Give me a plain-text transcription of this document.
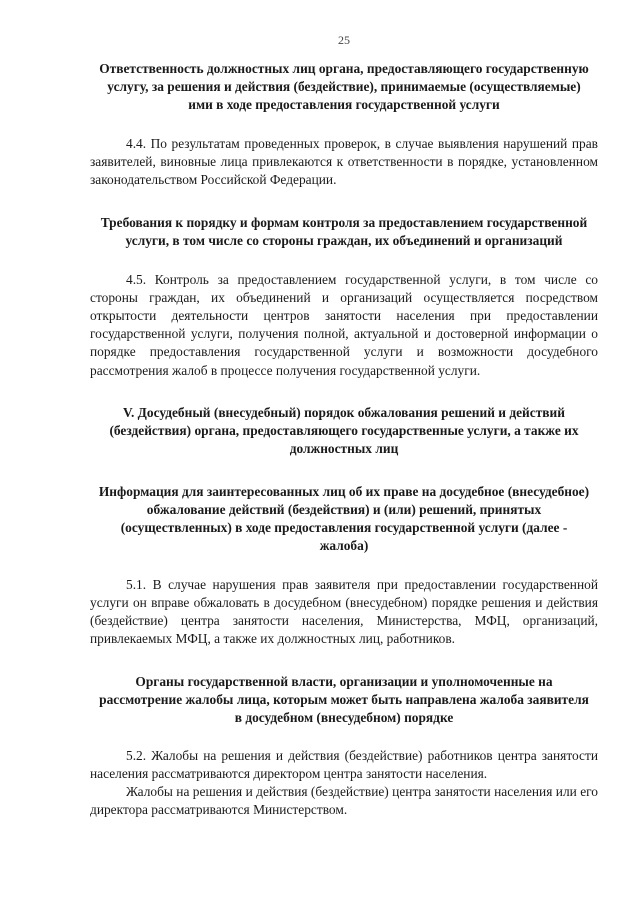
25
Ответственность должностных лиц органа, предоставляющего государственную услугу, за решения и действия (бездействие), принимаемые (осуществляемые) ими в ходе предоставления государственной услуги

4.4. По результатам проведенных проверок, в случае выявления нарушений прав заявителей, виновные лица привлекаются к ответственности в порядке, установленном законодательством Российской Федерации.

Требования к порядку и формам контроля за предоставлением государственной услуги, в том числе со стороны граждан, их объединений и организаций

4.5. Контроль за предоставлением государственной услуги, в том числе со стороны граждан, их объединений и организаций осуществляется посредством открытости деятельности центров занятости населения при предоставлении государственной услуги, получения полной, актуальной и достоверной информации о порядке предоставления государственной услуги и возможности досудебного рассмотрения жалоб в процессе получения государственной услуги.

V. Досудебный (внесудебный) порядок обжалования решений и действий (бездействия) органа, предоставляющего государственные услуги, а также их должностных лиц
Информация для заинтересованных лиц об их праве на досудебное (внесудебное) обжалование действий (бездействия) и (или) решений, принятых (осуществленных) в ходе предоставления государственной услуги (далее - жалоба)

5.1. В случае нарушения прав заявителя при предоставлении государственной услуги он вправе обжаловать в досудебном (внесудебном) порядке решения и действия (бездействие) центра занятости населения, Министерства, МФЦ, организаций, привлекаемых МФЦ, а также их должностных лиц, работников.

Органы государственной власти, организации и уполномоченные на рассмотрение жалобы лица, которым может быть направлена жалоба заявителя в досудебном (внесудебном) порядке

5.2. Жалобы на решения и действия (бездействие) работников центра занятости населения рассматриваются директором центра занятости населения.

Жалобы на решения и действия (бездействие) центра занятости населения или его директора рассматриваются Министерством.
